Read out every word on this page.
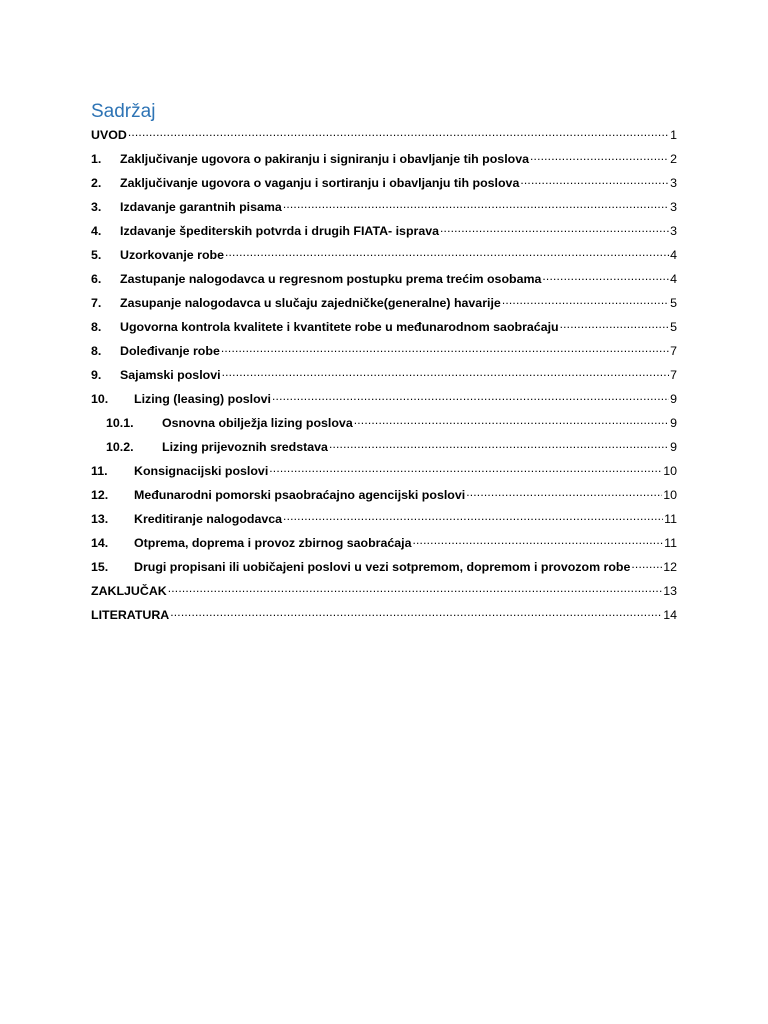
Sadržaj
UVOD .....	1
1.	Zaključivanje ugovora o pakiranju i signiranju i obavljanje tih poslova .....	2
2.	Zaključivanje ugovora o vaganju i sortiranju i obavljanju tih poslova .....	3
3.	Izdavanje garantnih pisama .....	3
4.	Izdavanje špediterskih potvrda i drugih FIATA- isprava .....	3
5.	Uzorkovanje robe .....	4
6.	Zastupanje nalogodavca u regresnom postupku prema trećim osobama .....	4
7.	Zasupanje nalogodavca u slučaju zajedničke(generalne) havarije .....	5
8.	Ugovorna kontrola kvalitete i kvantitete robe u međunarodnom saobraćaju .....	5
8.	Dolеđivanje robe .....	7
9.	Sajamski poslovi .....	7
10.	Lizing (leasing) poslovi .....	9
10.1.	Osnovna obilježja lizing poslova .....	9
10.2.	Lizing prijevoznih sredstava .....	9
11.	Konsignacijski poslovi .....	10
12.	Međunarodni pomorski psaobraćajno agencijski poslovi .....	10
13.	Kreditiranje nalogodavca .....	11
14.	Otprema, doprema i provoz zbirnog saobraćaja .....	11
15.	Drugi propisani ili uobičajeni poslovi u vezi sotpremom, dopremom i provozom robe .....	12
ZAKLJUČAK .....	13
LITERATURA .....	14
